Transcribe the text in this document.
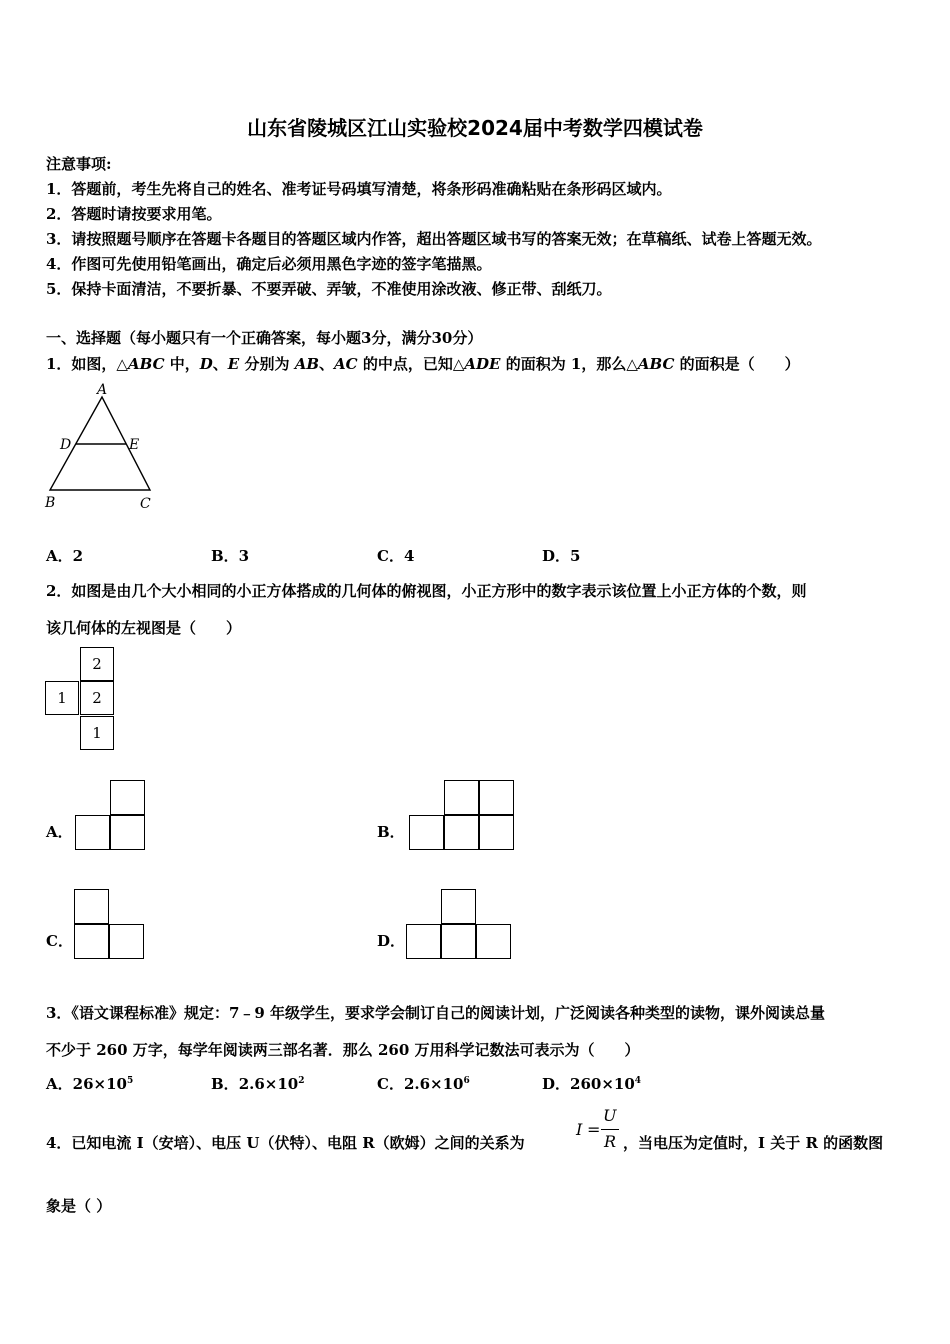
山东省陵城区江山实验校2024届中考数学四模试卷
注意事项:
1．答题前，考生先将自己的姓名、准考证号码填写清楚，将条形码准确粘贴在条形码区域内。
2．答题时请按要求用笔。
3．请按照题号顺序在答题卡各题目的答题区域内作答，超出答题区域书写的答案无效；在草稿纸、试卷上答题无效。
4．作图可先使用铅笔画出，确定后必须用黑色字迹的签字笔描黑。
5．保持卡面清洁，不要折暴、不要弄破、弄皱，不准使用涂改液、修正带、刮纸刀。
一、选择题（每小题只有一个正确答案，每小题3分，满分30分）
1．如图，△ABC 中，D、E 分别为 AB、AC 的中点，已知△ADE 的面积为 1，那么△ABC 的面积是（　　）
A
D	E
B	C
A．2	B．3	C．4	D．5
2．如图是由几个大小相同的小正方体搭成的几何体的俯视图，小正方形中的数字表示该位置上小正方体的个数，则
该几何体的左视图是（　　）
2
1	2
1
A．	B．
C．	D．
3．《语文课程标准》规定：7﹣9 年级学生，要求学会制订自己的阅读计划，广泛阅读各种类型的读物，课外阅读总量
不少于 260 万字，每学年阅读两三部名著．那么 260 万用科学记数法可表示为（　　）
A．$26\times 10^5$	B．$2.6\times 10^2$	C．$2.6\times 10^6$	D．$260\times 10^4$
4．已知电流 I（安培）、电压 U（伏特）、电阻 R（欧姆）之间的关系为
I =
U
R ，当电压为定值时，I 关于 R 的函数图
象是（ ）
